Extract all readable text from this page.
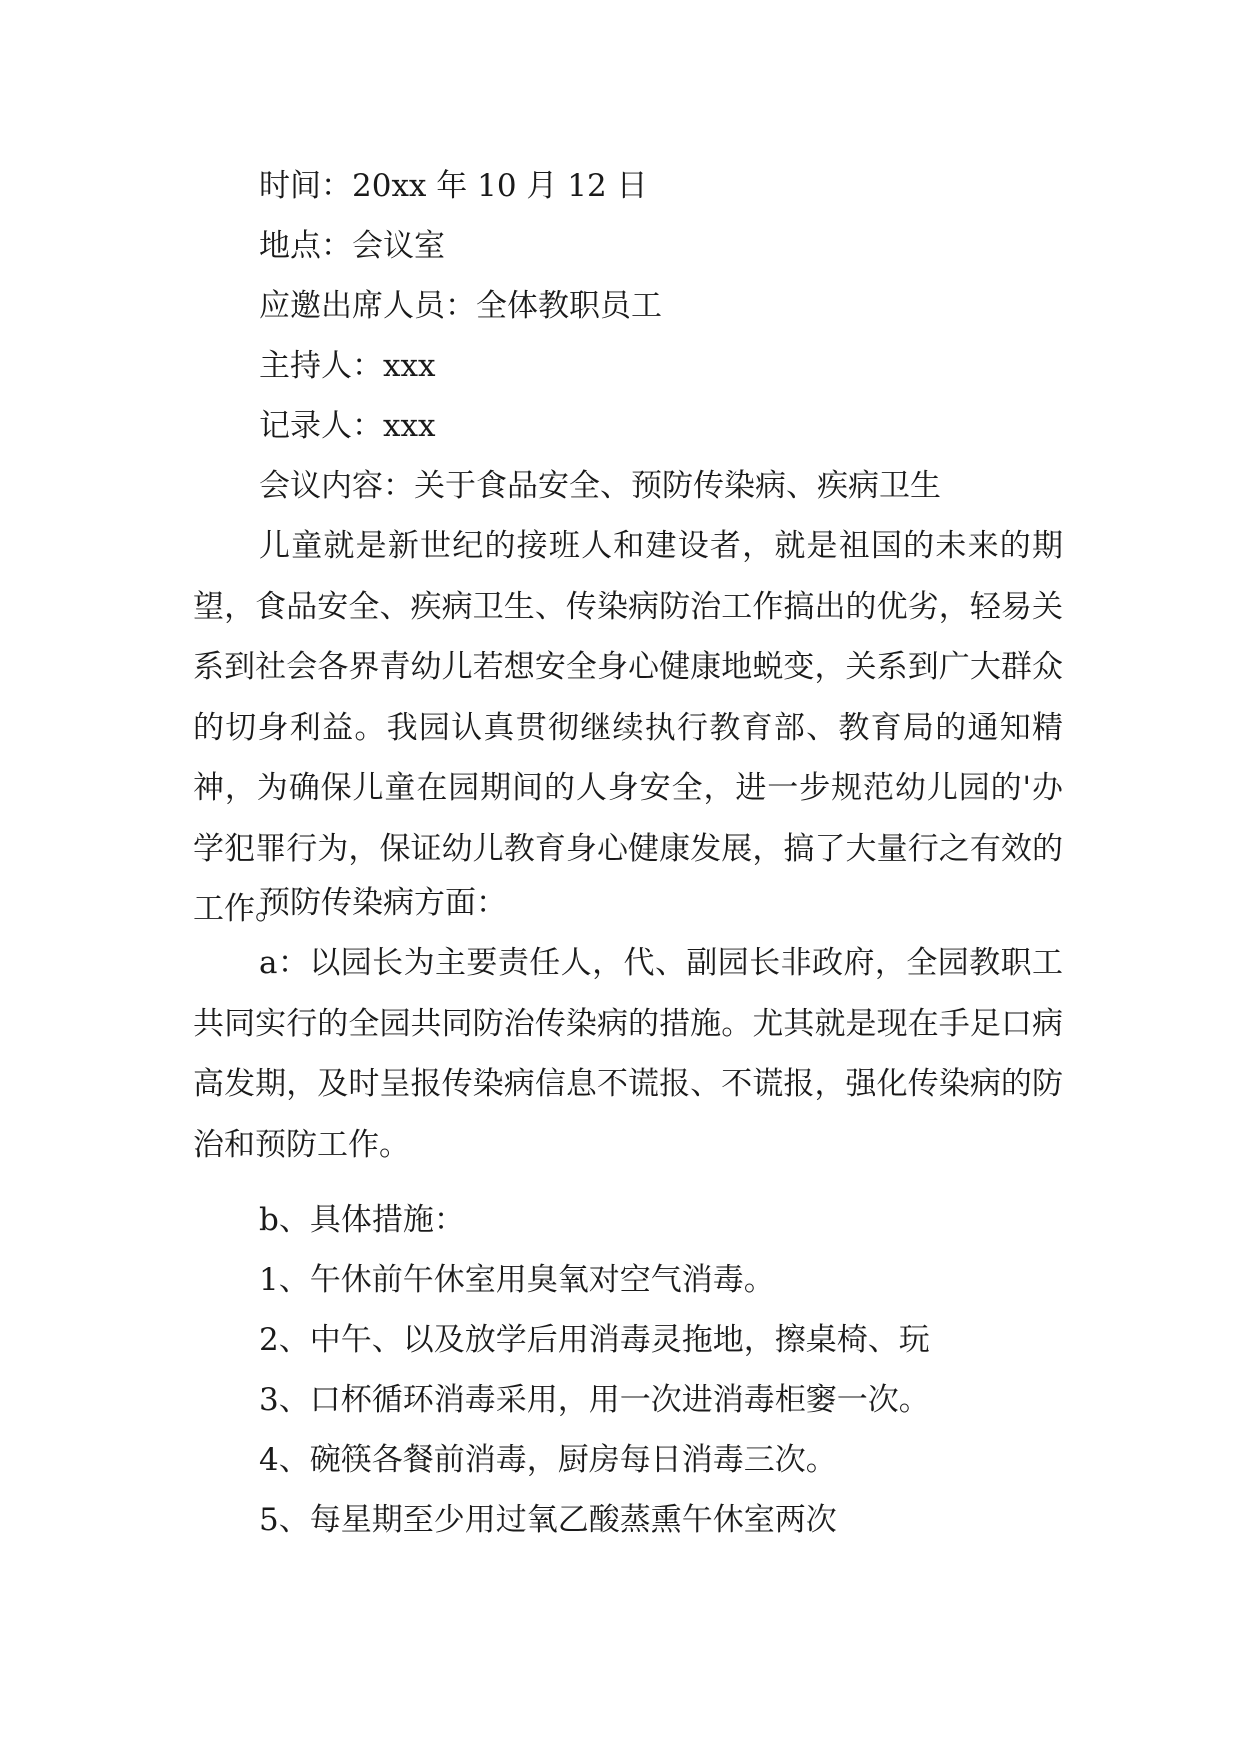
时间：20xx 年 10 月 12 日
地点：会议室
应邀出席人员：全体教职员工
主持人：xxx
记录人：xxx
会议内容：关于食品安全、预防传染病、疾病卫生
儿童就是新世纪的接班人和建设者，就是祖国的未来的期望，食品安全、疾病卫生、传染病防治工作搞出的优劣，轻易关系到社会各界青幼儿若想安全身心健康地蜕变，关系到广大群众的切身利益。我园认真贯彻继续执行教育部、教育局的通知精神，为确保儿童在园期间的人身安全，进一步规范幼儿园的'办学犯罪行为，保证幼儿教育身心健康发展，搞了大量行之有效的工作。
预防传染病方面：
a：以园长为主要责任人，代、副园长非政府，全园教职工共同实行的全园共同防治传染病的措施。尤其就是现在手足口病高发期，及时呈报传染病信息不谎报、不谎报，强化传染病的防治和预防工作。
b、具体措施：
1、午休前午休室用臭氧对空气消毒。
2、中午、以及放学后用消毒灵拖地，擦桌椅、玩
3、口杯循环消毒采用，用一次进消毒柜窭一次。
4、碗筷各餐前消毒，厨房每日消毒三次。
5、每星期至少用过氧乙酸蒸熏午休室两次
